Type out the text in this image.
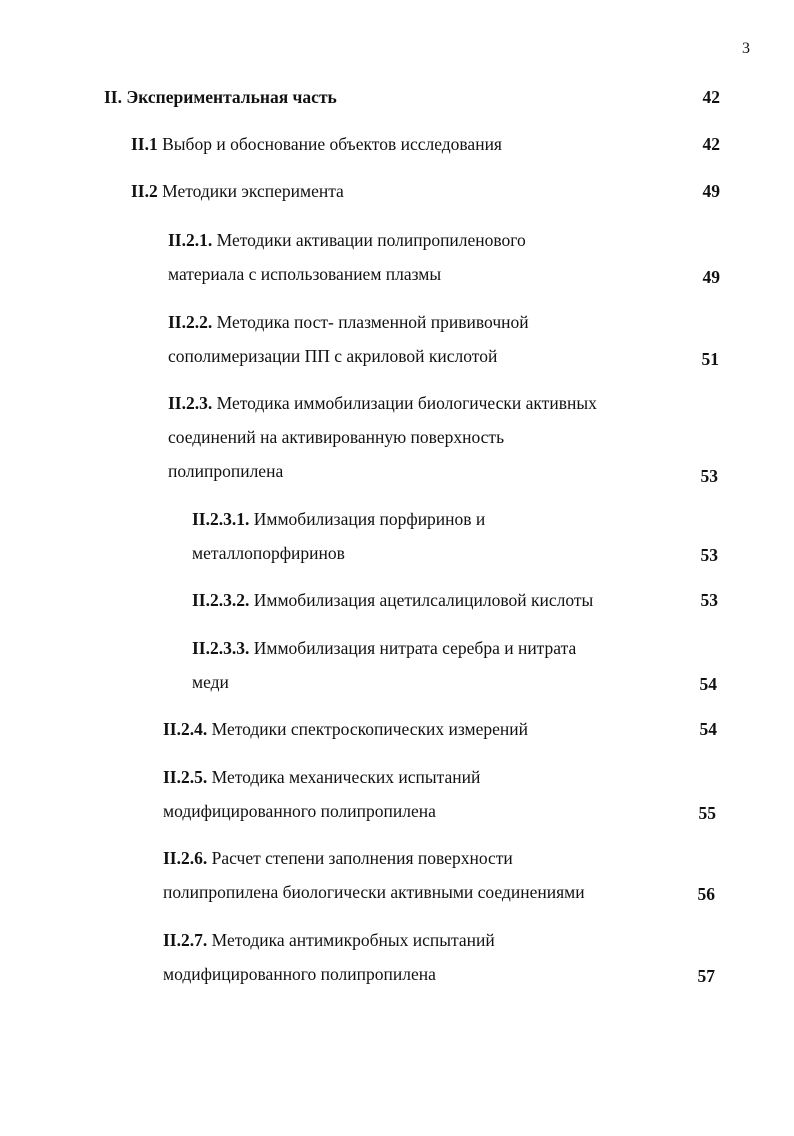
3
II. Экспериментальная часть	42
II.1 Выбор и обоснование объектов исследования	42
II.2 Методики эксперимента	49
II.2.1. Методики активации полипропиленового
материала с использованием плазмы	49
II.2.2. Методика пост- плазменной прививочной
сополимеризации ПП с акриловой кислотой	51
II.2.3. Методика иммобилизации биологически активных
соединений на активированную поверхность
полипропилена	53
II.2.3.1. Иммобилизация порфиринов и
металлопорфиринов	53
II.2.3.2. Иммобилизация ацетилсалициловой кислоты	53
II.2.3.3. Иммобилизация нитрата серебра и нитрата
меди	54
II.2.4. Методики спектроскопических измерений	54
II.2.5. Методика механических испытаний
модифицированного полипропилена	55
II.2.6. Расчет степени заполнения поверхности
полипропилена биологически активными соединениями	56
II.2.7. Методика антимикробных испытаний
модифицированного полипропилена	57
